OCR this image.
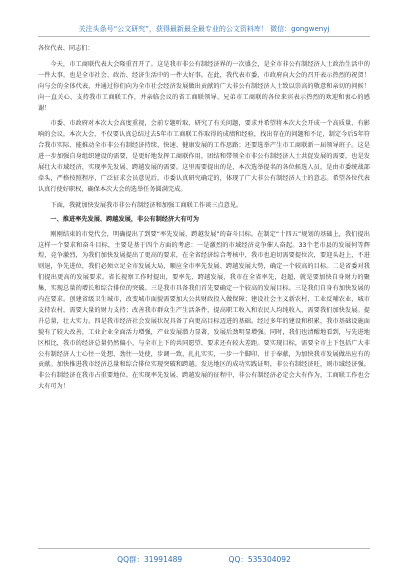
关注头条号“公文研究”，获得最新最全最专业的公文资料库！ 微信：gongwenyj

各位代表、同志们：

今天，市工商联代表大会隆重召开了。这是我市非公有制经济界的一次盛会，是全市非公有制经济人士政治生活中的一件大事，也是全市社会、政治、经济生活中的一件大好事。在此，我代表市委、市政府向大会的召开表示热烈的祝贺！向与会的全体代表，并通过你们向为全市社会经济发展做出贡献的广大非公有制经济人士致以崇高的敬意和亲切的问候！向一直关心、支持我市工商联工作，并亲临会议的省工商联领导、兄弟市工商联的各位来宾表示热烈的欢迎和衷心的感谢！

市委、市政府对本次大会高度重视，会前专题听取、研究了有关问题，要求并希望将本次大会开成一个高质量、有影响的会议。本次大会，不仅要认真总结过去5年市工商联工作取得的成绩和经验，找出存在的问题和不足，制定今后5年符合我市实际、能推动全市非公有制经济持续、快速、健康发展的工作思路；还要选举产生市工商联新一届领导班子。这是进一步加强自身组织建设的需要，是更好地发挥工商联作用，团结和带领全市非公有制经济人士共促发展的需要，也是发展壮大市域经济，实现率先发展、跨越发展的需要。这里需要提出的是，本次选举提名的各位候选人员，是由市委统战部牵头，严格按照程序，广泛征求会员意见后，市委认真研究确定的，体现了广大非公有制经济人士的意志。希望各位代表认真行使好职权，确保本次大会的选举任务圆满完成。

下面，我就加快发展我市非公有制经济和加强工商联工作谈三点意见。

一、推进率先发展、跨越发展，非公有制经济大有可为

刚刚结束的市党代会，明确提出了到要“率先发展、跨越发展”的奋斗目标。在制定“十四五”规划的基础上，我们提出这样一个要求和奋斗目标，主要是基于四个方面的考虑：一是激烈的市域经济竞争催人奋起。33个老市县的发展何等辉煌，竞争激烈，为我们加快发展提出了更高的要求，在全省经济综合考核中，我市也迫切需要提位次，要迎头赶上，不进则退，争先进位，我们必须立足全市发展大局，顺应全市率先发展、跨越发展大势，确定一个较高的目标。二是省委对我们提出更高的发展要求。省长视察工作时提出，要率先、跨越发展，我市在全省率先，赶超，就是要加快自身财力的聚集，实现总量的增长和综合排位的突破。三是我市具备我们首先要确定一个较高的发展目标。三是我们自身有加快发展的内在要求。创建省级卫生城市，改变城市面貌需要加大公共财政投入做保障；建设社会主义新农村，工业反哺农业，城市支持农村，需要大量的财力支持；改善我市群众生产生活条件，提高职工收入和农民人均纯收入，需要我们加快发展。提升总量，壮大实力。四是我市经济社会发展状况具备了向更高目标迈进的基础。经过多年的建设和积累，我市基础设施面貌有了较大改善，工业企业全面活力增强，产业发展潜力显著，发展后劲明显增强。同时，我们也清醒地看到，与先进地区相比，我市的经济总量仍然偏小，与全市上下的共同愿望、要求还有较大差距。要实现目标，需要全市上下包括广大非公有制经济人士心往一处想、劲往一处使，步调一致，扎扎实实，一步一个脚印、甘于奉献，为加快我市发展做出应有的贡献。加快推进我市经济总量和综合排位实现突破和跨越。发达地区的成功实践证明，非公有制经济旺，则市域经济强。非公有制经济在我市占重要地位。在实现率先发展、跨越发展的征程中，非公有制经济必定会大有作为，工商联工作也会大有可为！

QQ群：31991489	QQ：535304092
